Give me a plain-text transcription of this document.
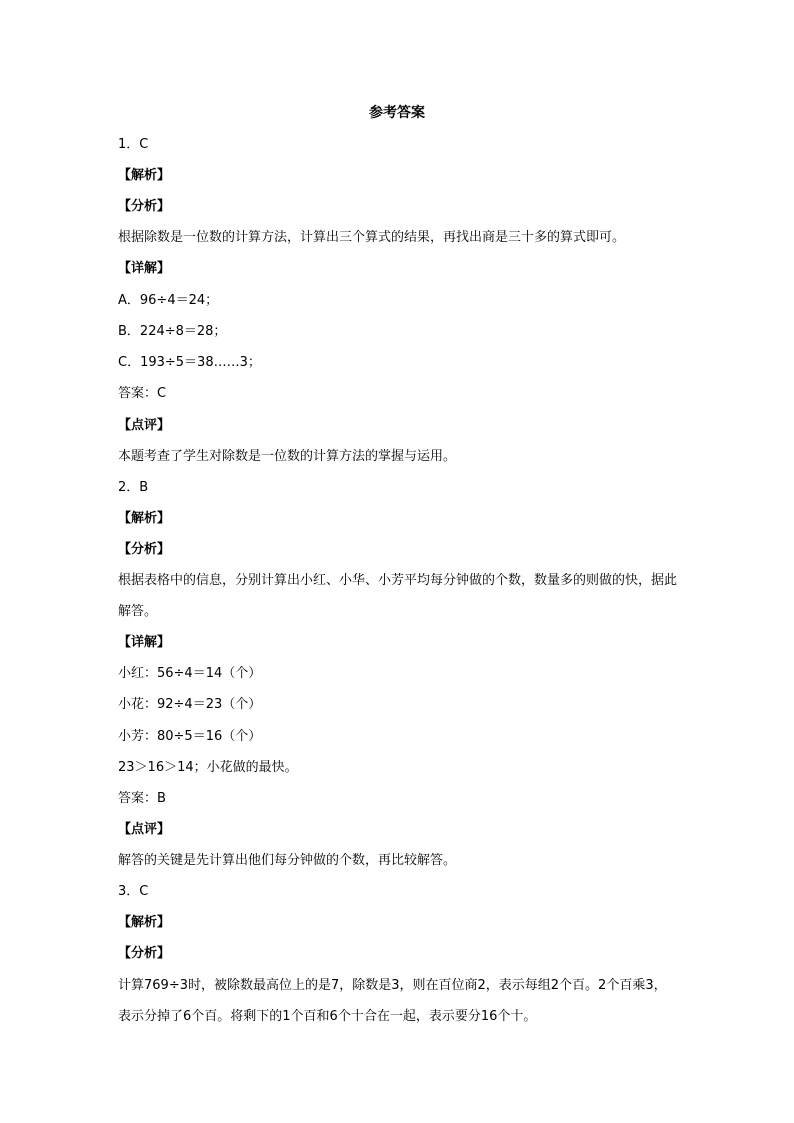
参考答案
1．C
【解析】
【分析】
根据除数是一位数的计算方法，计算出三个算式的结果，再找出商是三十多的算式即可。
【详解】
A．96÷4＝24；
B．224÷8＝28；
C．193÷5＝38……3；
答案：C
【点评】
本题考查了学生对除数是一位数的计算方法的掌握与运用。
2．B
【解析】
【分析】
根据表格中的信息，分别计算出小红、小华、小芳平均每分钟做的个数，数量多的则做的快，据此解答。
【详解】
小红：56÷4＝14（个）
小花：92÷4＝23（个）
小芳：80÷5＝16（个）
23＞16＞14；小花做的最快。
答案：B
【点评】
解答的关键是先计算出他们每分钟做的个数，再比较解答。
3．C
【解析】
【分析】
计算769÷3时，被除数最高位上的是7，除数是3，则在百位商2，表示每组2个百。2个百乘3，表示分掉了6个百。将剩下的1个百和6个十合在一起，表示要分16个十。
